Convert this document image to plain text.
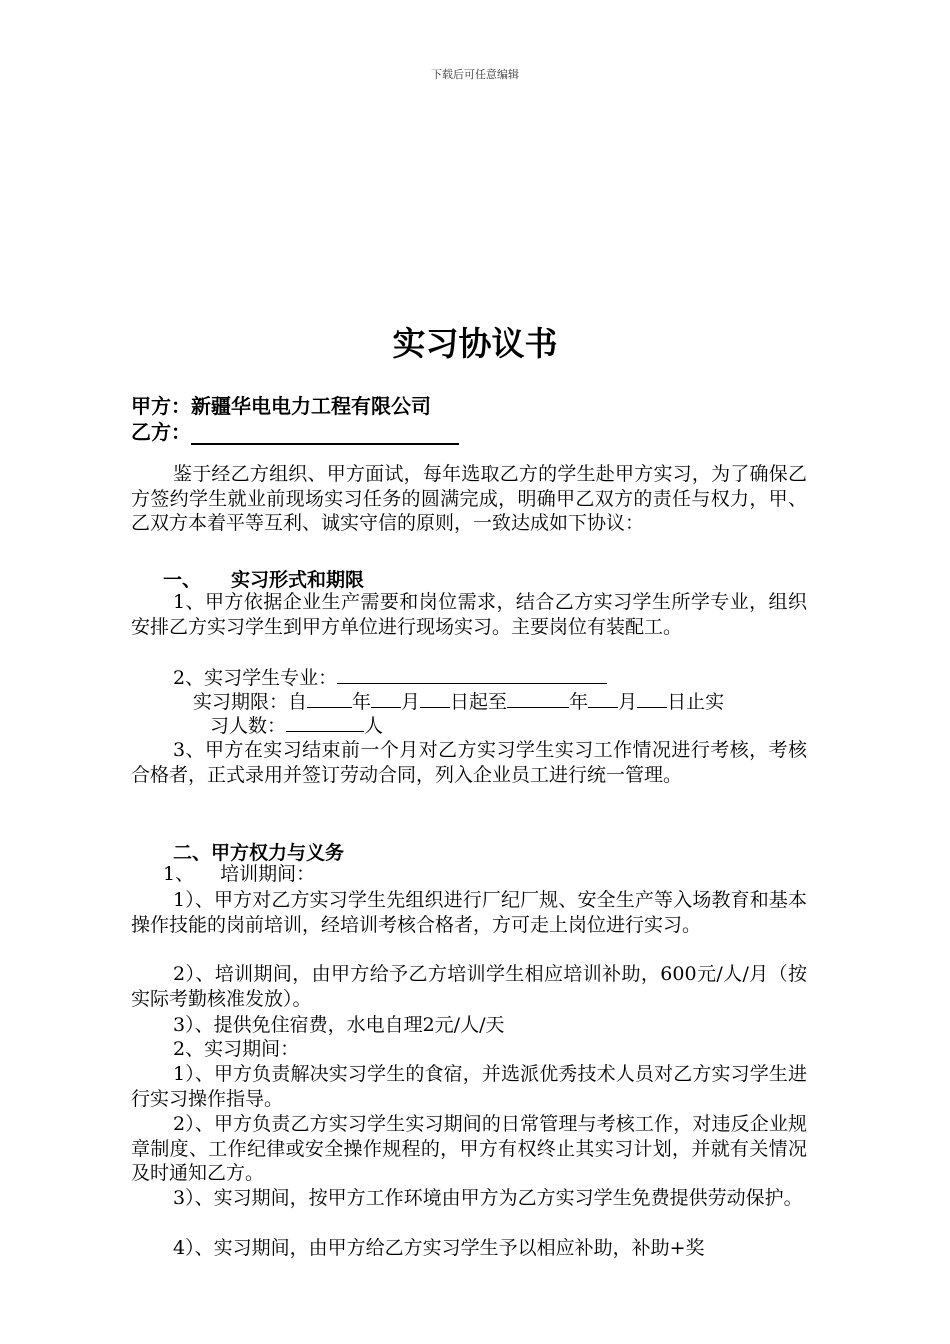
下载后可任意编辑
实习协议书
甲方：新疆华电电力工程有限公司
乙方：
鉴于经乙方组织、甲方面试，每年选取乙方的学生赴甲方实习，为了确保乙方签约学生就业前现场实习任务的圆满完成，明确甲乙双方的责任与权力，甲、乙双方本着平等互利、诚实守信的原则，一致达成如下协议：
一、 实习形式和期限
1、甲方依据企业生产需要和岗位需求，结合乙方实习学生所学专业，组织安排乙方实习学生到甲方单位进行现场实习。主要岗位有装配工。
2、实习学生专业：
实习期限：自 年 月 日起至	年 月 日止实
习人数：	人
3、甲方在实习结束前一个月对乙方实习学生实习工作情况进行考核，考核合格者，正式录用并签订劳动合同，列入企业员工进行统一管理。
二、甲方权力与义务
1、 培训期间：
1）、甲方对乙方实习学生先组织进行厂纪厂规、安全生产等入场教育和基本操作技能的岗前培训，经培训考核合格者，方可走上岗位进行实习。
2）、培训期间，由甲方给予乙方培训学生相应培训补助，600元/人/月（按实际考勤核准发放）。
3）、提供免住宿费，水电自理2元/人/天
2、实习期间：
1）、甲方负责解决实习学生的食宿，并选派优秀技术人员对乙方实习学生进行实习操作指导。
2）、甲方负责乙方实习学生实习期间的日常管理与考核工作，对违反企业规章制度、工作纪律或安全操作规程的，甲方有权终止其实习计划，并就有关情况及时通知乙方。
3）、实习期间，按甲方工作环境由甲方为乙方实习学生免费提供劳动保护。
4）、实习期间，由甲方给乙方实习学生予以相应补助，补助+奖
